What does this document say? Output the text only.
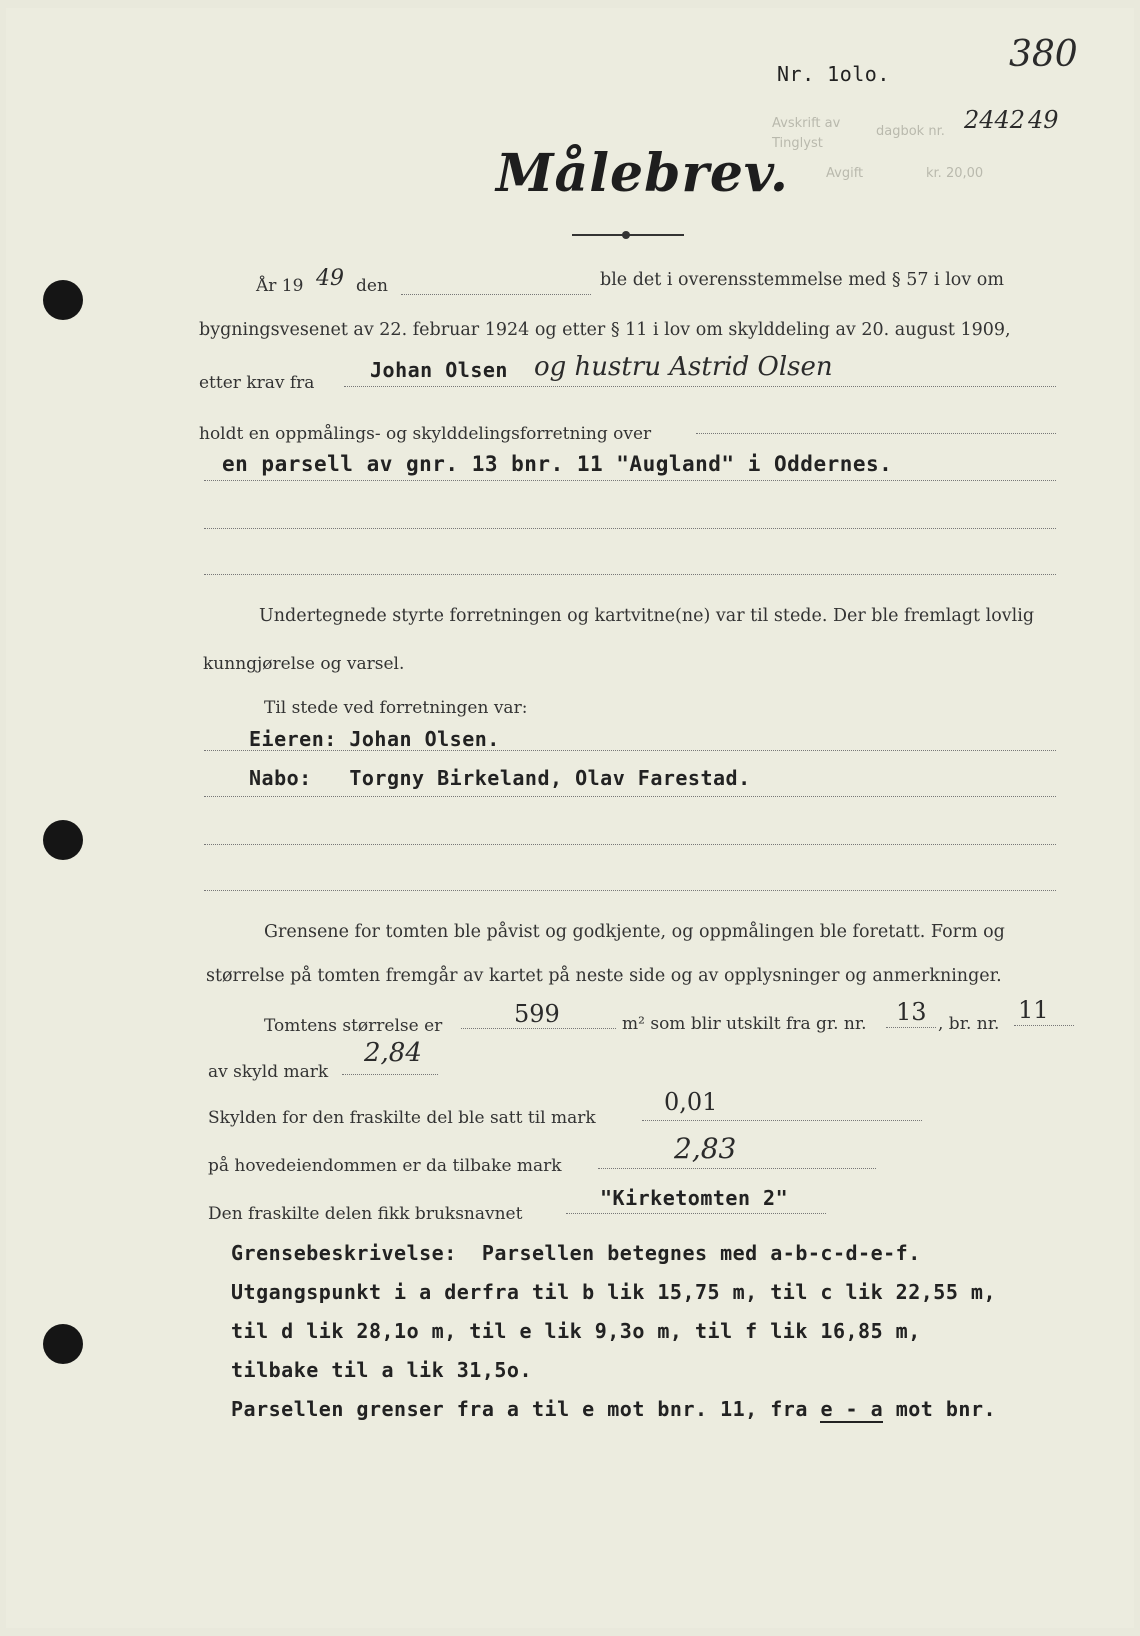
380
Nr. 1olo.
Avskrift av
dagbok nr.
Tinglyst
Avgift	kr. 20,00
2442 49
Målebrev.
År 19 49 den	ble det i overensstemmelse med § 57 i lov om
bygningsvesenet av 22. februar 1924 og etter § 11 i lov om skylddeling av 20. august 1909,
etter krav fra
Johan Olsen og hustru Astrid Olsen
holdt en oppmålings- og skylddelingsforretning over
en parsell av gnr. 13 bnr. 11 "Augland" i Oddernes.
Undertegnede styrte forretningen og kartvitne(ne) var til stede. Der ble fremlagt lovlig
kunngjørelse og varsel.
Til stede ved forretningen var:
Eieren: Johan Olsen.
Nabo:   Torgny Birkeland, Olav Farestad.
Grensene for tomten ble påvist og godkjente, og oppmålingen ble foretatt. Form og
størrelse på tomten fremgår av kartet på neste side og av opplysninger og anmerkninger.
Tomtens størrelse er	599	m² som blir utskilt fra gr. nr. 13 , br. nr. 11
av skyld mark
2,84
Skylden for den fraskilte del ble satt til mark
0,01
på hovedeiendommen er da tilbake mark
2,83
Den fraskilte delen fikk bruksnavnet
"Kirketomten 2"
Grensebeskrivelse:  Parsellen betegnes med a-b-c-d-e-f.
Utgangspunkt i a derfra til b lik 15,75 m, til c lik 22,55 m,
til d lik 28,1o m, til e lik 9,3o m, til f lik 16,85 m,
tilbake til a lik 31,5o.
Parsellen grenser fra a til e mot bnr. 11, fra e - a mot bnr.
